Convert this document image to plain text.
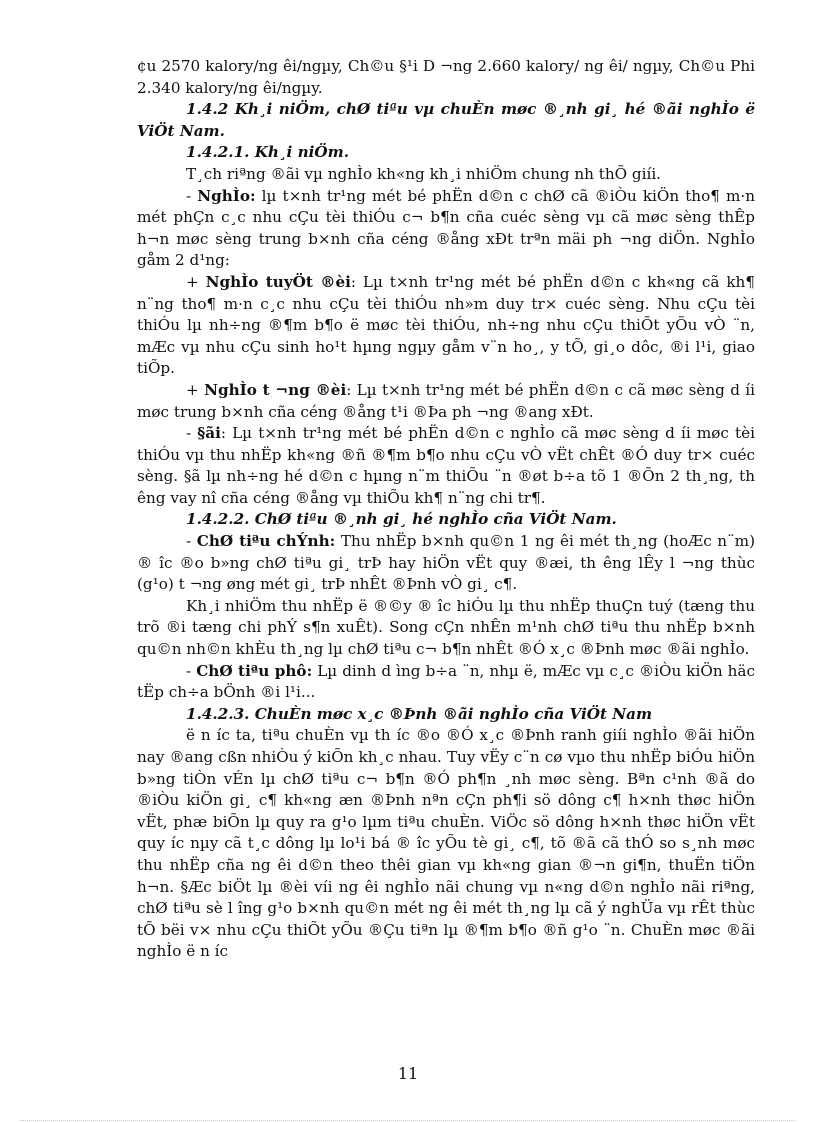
¢u 2570 kalory/ng êi/ngµy, Ch©u §¹i D ¬ng 2.660 kalory/ ng êi/ ngµy, Ch©u Phi 2.340 kalory/ng êi/ngµy.

1.4.2 Kh¸i niÖm, chØ tiªu vµ chuÈn møc ®¸nh gi¸ hé ®ãi nghÌo ë ViÖt Nam.

1.4.2.1. Kh¸i niÖm.

T¸ch riªng ®ãi vµ nghÌo kh«ng kh¸i nhiÖm chung nh thÕ giíi.

- NghÌo: lµ t×nh tr¹ng mét bé phËn d©n c chØ cã ®iÒu kiÖn tho¶ m·n mét phÇn c¸c nhu cÇu tèi thiÓu c¬ b¶n cña cuéc sèng vµ cã møc sèng thÊp h¬n møc sèng trung b×nh cña céng ®ång xÐt trªn mäi ph ¬ng diÖn. NghÌo gåm 2 d¹ng:

+ NghÌo tuyÖt ®èi: Lµ t×nh tr¹ng mét bé phËn d©n c kh«ng cã kh¶ n¨ng tho¶ m·n c¸c nhu cÇu tèi thiÓu nh»m duy tr× cuéc sèng. Nhu cÇu tèi thiÓu lµ nh÷ng ®¶m b¶o ë møc tèi thiÓu, nh÷ng nhu cÇu thiÕt yÕu vÒ ¨n, mÆc vµ nhu cÇu sinh ho¹t hµng ngµy gåm v¨n ho¸, y tÕ, gi¸o dôc, ®i l¹i, giao tiÕp.

+ NghÌo t ¬ng ®èi: Lµ t×nh tr¹ng mét bé phËn d©n c cã møc sèng d íi møc trung b×nh cña céng ®ång t¹i ®Þa ph ¬ng ®ang xÐt.

- §ãi: Lµ t×nh tr¹ng mét bé phËn d©n c nghÌo cã møc sèng d íi møc tèi thiÓu vµ thu nhËp kh«ng ®ñ ®¶m b¶o nhu cÇu vÒ vËt chÊt ®Ó duy tr× cuéc sèng. §ã lµ nh÷ng hé d©n c hµng n¨m thiÕu ¨n ®øt b÷a tõ 1 ®Õn 2 th¸ng, th êng vay nî cña céng ®ång vµ thiÕu kh¶ n¨ng chi tr¶.

1.4.2.2. ChØ tiªu ®¸nh gi¸ hé nghÌo cña ViÖt Nam.

- ChØ tiªu chÝnh: Thu nhËp b×nh qu©n 1 ng êi mét th¸ng (hoÆc n¨m) ® îc ®o b»ng chØ tiªu gi¸ trÞ hay hiÖn vËt quy ®æi, th êng lÊy l ¬ng thùc (g¹o) t ¬ng øng mét gi¸ trÞ nhÊt ®Þnh vÒ gi¸ c¶.

Kh¸i nhiÖm thu nhËp ë ®©y ® îc hiÓu lµ thu nhËp thuÇn tuý (tæng thu trõ ®i tæng chi phÝ s¶n xuÊt). Song cÇn nhÊn m¹nh chØ tiªu thu nhËp b×nh qu©n nh©n khÈu th¸ng lµ chØ tiªu c¬ b¶n nhÊt ®Ó x¸c ®Þnh møc ®ãi nghÌo.

- ChØ tiªu phô: Lµ dinh d ìng b÷a ¨n, nhµ ë, mÆc vµ c¸c ®iÒu kiÖn häc tËp ch÷a bÖnh ®i l¹i...

1.4.2.3. ChuÈn møc x¸c ®Þnh ®ãi nghÌo cña ViÖt Nam

ë n íc ta, tiªu chuÈn vµ th íc ®o ®Ó x¸c ®Þnh ranh giíi nghÌo ®ãi hiÖn nay ®ang cßn nhiÒu ý kiÕn kh¸c nhau. Tuy vËy c¨n cø vµo thu nhËp biÓu hiÖn b»ng tiÒn vÉn lµ chØ tiªu c¬ b¶n ®Ó ph¶n ¸nh møc sèng. Bªn c¹nh ®ã do ®iÒu kiÖn gi¸ c¶ kh«ng æn ®Þnh nªn cÇn ph¶i sö dông c¶ h×nh thøc hiÖn vËt, phæ biÕn lµ quy ra g¹o lµm tiªu chuÈn. ViÖc sö dông h×nh thøc hiÖn vËt quy íc nµy cã t¸c dông lµ lo¹i bá ® îc yÕu tè gi¸ c¶, tõ ®ã cã thÓ so s¸nh møc thu nhËp cña ng êi d©n theo thêi gian vµ kh«ng gian ®¬n gi¶n, thuËn tiÖn h¬n. §Æc biÖt lµ ®èi víi ng êi nghÌo nãi chung vµ n«ng d©n nghÌo nãi riªng, chØ tiªu sè l îng g¹o b×nh qu©n mét ng êi mét th¸ng lµ cã ý nghÜa vµ rÊt thùc tÕ bëi v× nhu cÇu thiÕt yÕu ®Çu tiªn lµ ®¶m b¶o ®ñ g¹o ¨n. ChuÈn møc ®ãi nghÌo ë n íc

11
